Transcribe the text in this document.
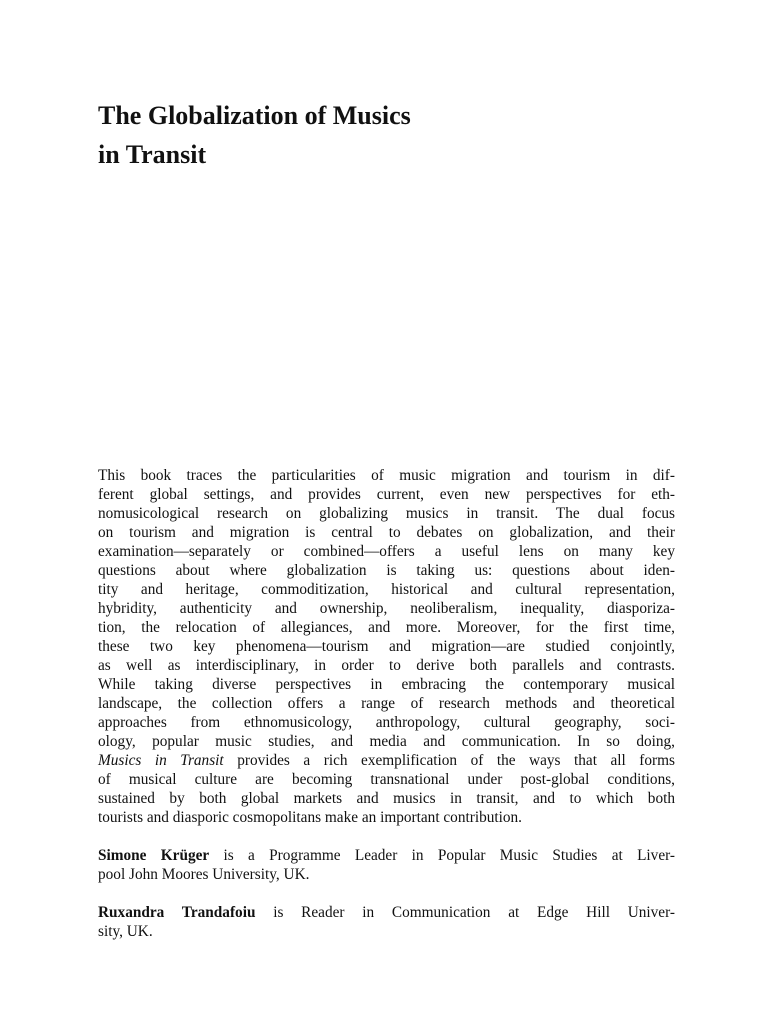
The Globalization of Musics
in Transit

This book traces the particularities of music migration and tourism in dif-
ferent global settings, and provides current, even new perspectives for eth-
nomusicological research on globalizing musics in transit. The dual focus
on tourism and migration is central to debates on globalization, and their
examination—separately or combined—offers a useful lens on many key
questions about where globalization is taking us: questions about iden-
tity and heritage, commoditization, historical and cultural representation,
hybridity, authenticity and ownership, neoliberalism, inequality, diasporiza-
tion, the relocation of allegiances, and more. Moreover, for the first time,
these two key phenomena—tourism and migration—are studied conjointly,
as well as interdisciplinary, in order to derive both parallels and contrasts.
While taking diverse perspectives in embracing the contemporary musical
landscape, the collection offers a range of research methods and theoretical
approaches from ethnomusicology, anthropology, cultural geography, soci-
ology, popular music studies, and media and communication. In so doing,
Musics in Transit provides a rich exemplification of the ways that all forms
of musical culture are becoming transnational under post-global conditions,
sustained by both global markets and musics in transit, and to which both
tourists and diasporic cosmopolitans make an important contribution.

Simone Krüger is a Programme Leader in Popular Music Studies at Liver-
pool John Moores University, UK.

Ruxandra Trandafoiu is Reader in Communication at Edge Hill Univer-
sity, UK.
